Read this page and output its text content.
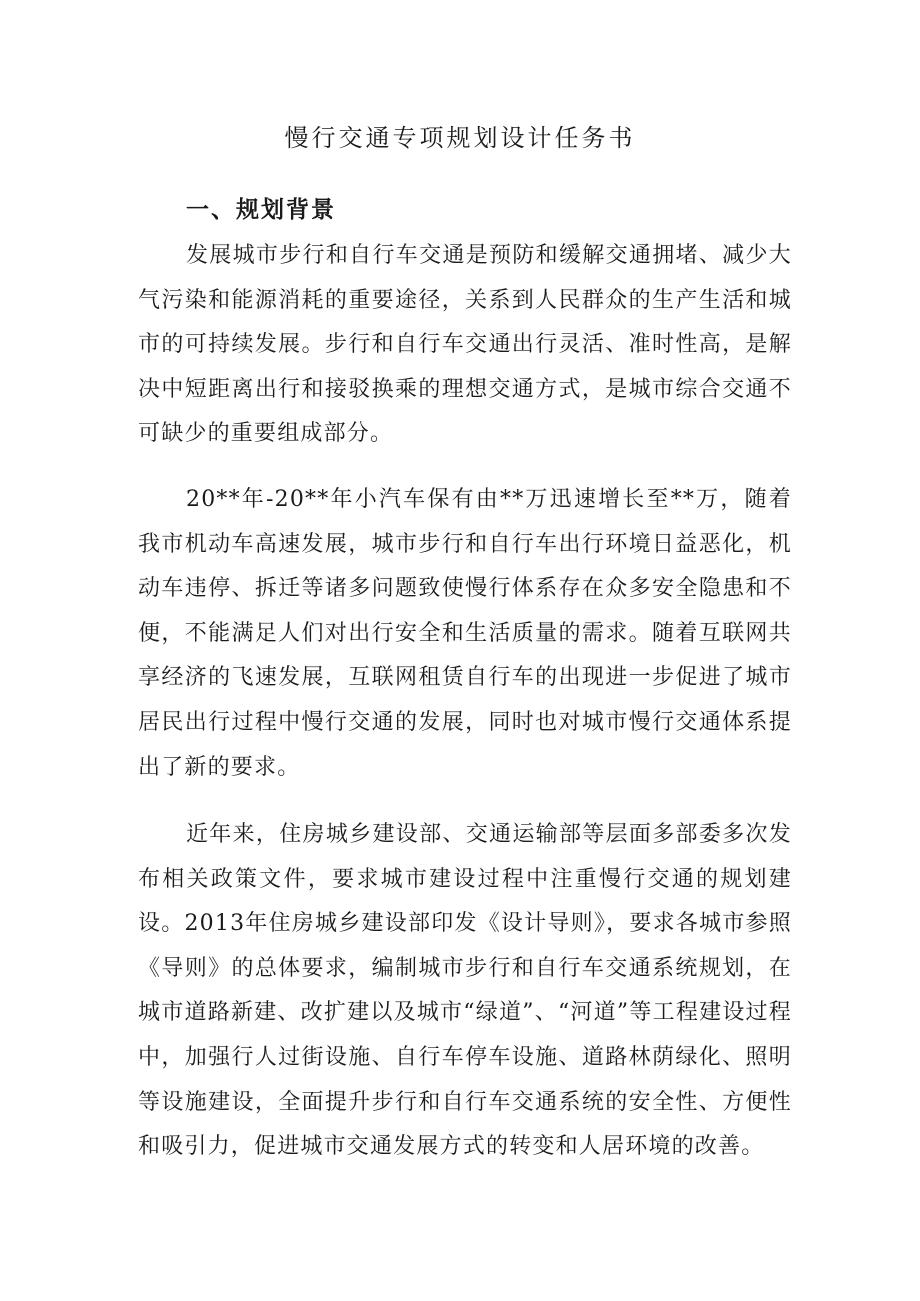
慢行交通专项规划设计任务书
一、规划背景

发展城市步行和自行车交通是预防和缓解交通拥堵、减少大气污染和能源消耗的重要途径，关系到人民群众的生产生活和城市的可持续发展。步行和自行车交通出行灵活、准时性高，是解决中短距离出行和接驳换乘的理想交通方式，是城市综合交通不可缺少的重要组成部分。

20**年-20**年小汽车保有由**万迅速增长至**万，随着我市机动车高速发展，城市步行和自行车出行环境日益恶化，机动车违停、拆迁等诸多问题致使慢行体系存在众多安全隐患和不便，不能满足人们对出行安全和生活质量的需求。随着互联网共享经济的飞速发展，互联网租赁自行车的出现进一步促进了城市居民出行过程中慢行交通的发展，同时也对城市慢行交通体系提出了新的要求。

近年来，住房城乡建设部、交通运输部等层面多部委多次发布相关政策文件，要求城市建设过程中注重慢行交通的规划建设。2013年住房城乡建设部印发《设计导则》，要求各城市参照《导则》的总体要求，编制城市步行和自行车交通系统规划，在城市道路新建、改扩建以及城市“绿道”、“河道”等工程建设过程中，加强行人过街设施、自行车停车设施、道路林荫绿化、照明等设施建设，全面提升步行和自行车交通系统的安全性、方便性和吸引力，促进城市交通发展方式的转变和人居环境的改善。
